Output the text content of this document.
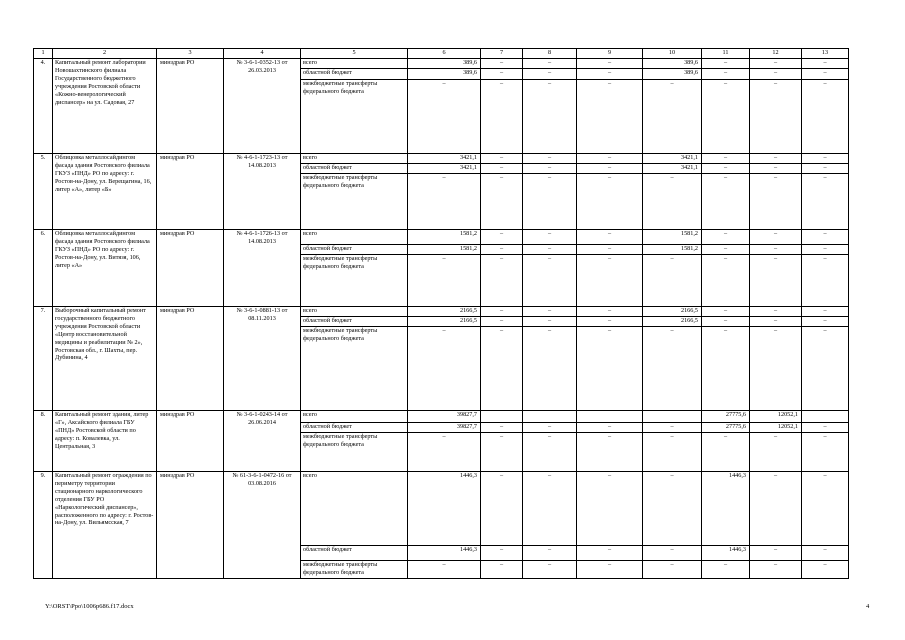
1	2	3	4	5	6	7	8	9	10	11	12	13
4.	Капитальный ремонт лаборатории Новошахтинского филиала Государственного бюджетного учреждения Ростовской области «Кожно-венерологический диспансер» на ул. Садовая, 27	минздрав РО	№ 3-6-1-0352-13 от 26.03.2013	всего	389,6	–	–	–	389,6	–	–	–
				областной бюджет	389,6	–	–	–	389,6	–	–	–
				межбюджетные трансферты федерального бюджета	–	–	–	–	–	–	–	–
5.	Облицовка металлосайдингом фасада здания Ростовского филиала ГКУЗ «ПНД» РО по адресу: г. Ростов-на-Дону, ул. Верещагина, 16, литер «А», литер «Б»	минздрав РО	№ 4-6-1-1723-13 от 14.08.2013	всего	3421,1	–	–	–	3421,1	–	–	–
				областной бюджет	3421,1	–	–	–	3421,1	–	–	–
				межбюджетные трансферты федерального бюджета	–	–	–	–	–	–	–	–
6.	Облицовка металлосайдингом фасада здания Ростовского филиала ГКУЗ «ПНД» РО по адресу: г. Ростов-на-Дону, ул. Витязя, 106, литер «А»	минздрав РО	№ 4-6-1-1726-13 от 14.08.2013	всего	1581,2	–	–	–	1581,2	–	–	–
				областной бюджет	1581,2	–	–	–	1581,2	–	–	–
				межбюджетные трансферты федерального бюджета	–	–	–	–	–	–	–	–
7.	Выборочный капитальный ремонт государственного бюджетного учреждения Ростовской области «Центр восстановительной медицины и реабилитации № 2», Ростовская обл., г. Шахты, пер. Дубинина, 4	минздрав РО	№ 3-6-1-0881-13 от 08.11.2013	всего	2166,5	–	–	–	2166,5	–	–	–
				областной бюджет	2166,5	–	–	–	2166,5	–	–	–
				межбюджетные трансферты федерального бюджета	–	–	–	–	–	–	–	–
8.	Капитальный ремонт здания, литер «Г», Аксайского филиала ГБУ «ПНД» Ростовской области по адресу: п. Ковалевка, ул. Центральная, 3	минздрав РО	№ 3-6-1-0243-14 от 26.06.2014	всего	39827,7					27775,6	12052,1	
				областной бюджет	39827,7	–	–	–	–	27775,6	12052,1	–
				межбюджетные трансферты федерального бюджета	–	–	–	–	–	–	–	–
9.	Капитальный ремонт ограждения по периметру территории стационарного наркологического отделения ГБУ РО «Наркологический диспансер», расположенного по адресу: г. Ростов-на-Дону, ул. Вильямсская, 7	минздрав РО	№ 61-3-6-1-0472-16 от 03.08.2016	всего	1446,3	–	–	–	–	1446,3	–	–
				областной бюджет	1446,3	–	–	–	–	1446,3	–	–
				межбюджетные трансферты федерального бюджета	–	–	–	–	–	–	–	–
Y:\ORST\Ppo\1006p686.f17.docx	4
